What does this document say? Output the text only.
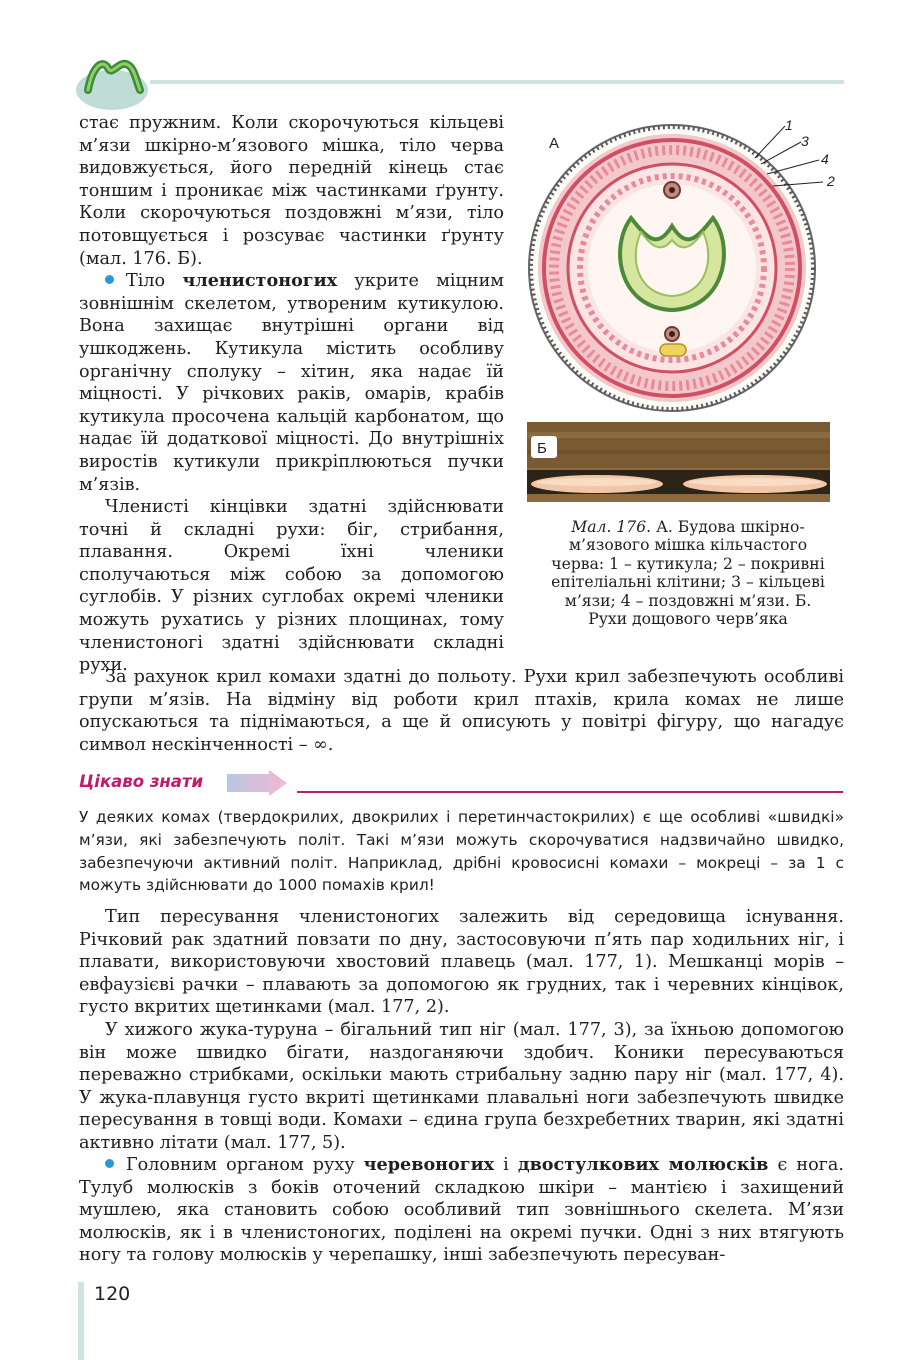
стає пружним. Коли скорочуються кільцеві м’язи шкірно-м’язового мішка, тіло черва видовжується, його передній кінець стає тоншим і проникає між частинками ґрунту. Коли скорочуються поздовжні м’язи, тіло потовщується і розсуває частинки ґрунту (мал. 176. Б).

Тіло членистоногих укрите міцним зовнішнім скелетом, утвореним кутикулою. Вона захищає внутрішні органи від ушкоджень. Кутикула містить особливу органічну сполуку – хітин, яка надає їй міцності. У річкових раків, омарів, крабів кутикула просочена кальцій карбонатом, що надає їй додаткової міцності. До внутрішніх виростів кутикули прикріплюються пучки м’язів.

Членисті кінцівки здатні здійснювати точні й складні рухи: біг, стрибання, плавання. Окремі їхні членики сполучаються між собою за допомогою суглобів. У різних суглобах окремі членики можуть рухатись у різних площинах, тому членистоногі здатні здійснювати складні рухи.

А
1
3
4
2
Б
Мал. 176. А. Будова шкірно-м’язового мішка кільчастого черва: 1 – кутикула; 2 – покривні епітеліальні клітини; 3 – кільцеві м’язи; 4 – поздовжні м’язи. Б. Рухи дощового черв’яка

За рахунок крил комахи здатні до польоту. Рухи крил забезпечують особливі групи м’язів. На відміну від роботи крил птахів, крила комах не лише опускаються та піднімаються, а ще й описують у повітрі фігуру, що нагадує символ нескінченності – ∞.

Цікаво знати

У деяких комах (твердокрилих, двокрилих і перетинчастокрилих) є ще особливі «швидкі» м’язи, які забезпечують політ. Такі м’язи можуть скорочуватися надзвичайно швидко, забезпечуючи активний політ. Наприклад, дрібні кровосисні комахи – мокреці – за 1 с можуть здійснювати до 1000 помахів крил!

Тип пересування членистоногих залежить від середовища існування. Річковий рак здатний повзати по дну, застосовуючи п’ять пар ходильних ніг, і плавати, використовуючи хвостовий плавець (мал. 177, 1). Мешканці морів – евфаузієві рачки – плавають за допомогою як грудних, так і черевних кінцівок, густо вкритих щетинками (мал. 177, 2).

У хижого жука-туруна – бігальний тип ніг (мал. 177, 3), за їхньою допомогою він може швидко бігати, наздоганяючи здобич. Коники пересуваються переважно стрибками, оскільки мають стрибальну задню пару ніг (мал. 177, 4). У жука-плавунця густо вкриті щетинками плавальні ноги забезпечують швидке пересування в товщі води. Комахи – єдина група безхребетних тварин, які здатні активно літати (мал. 177, 5).

Головним органом руху черевоногих і двостулкових молюсків є нога. Тулуб молюсків з боків оточений складкою шкіри – мантією і захищений мушлею, яка становить собою особливий тип зовнішнього скелета. М’язи молюсків, як і в членистоногих, поділені на окремі пучки. Одні з них втягують ногу та голову молюсків у черепашку, інші забезпечують пересуван-

120
